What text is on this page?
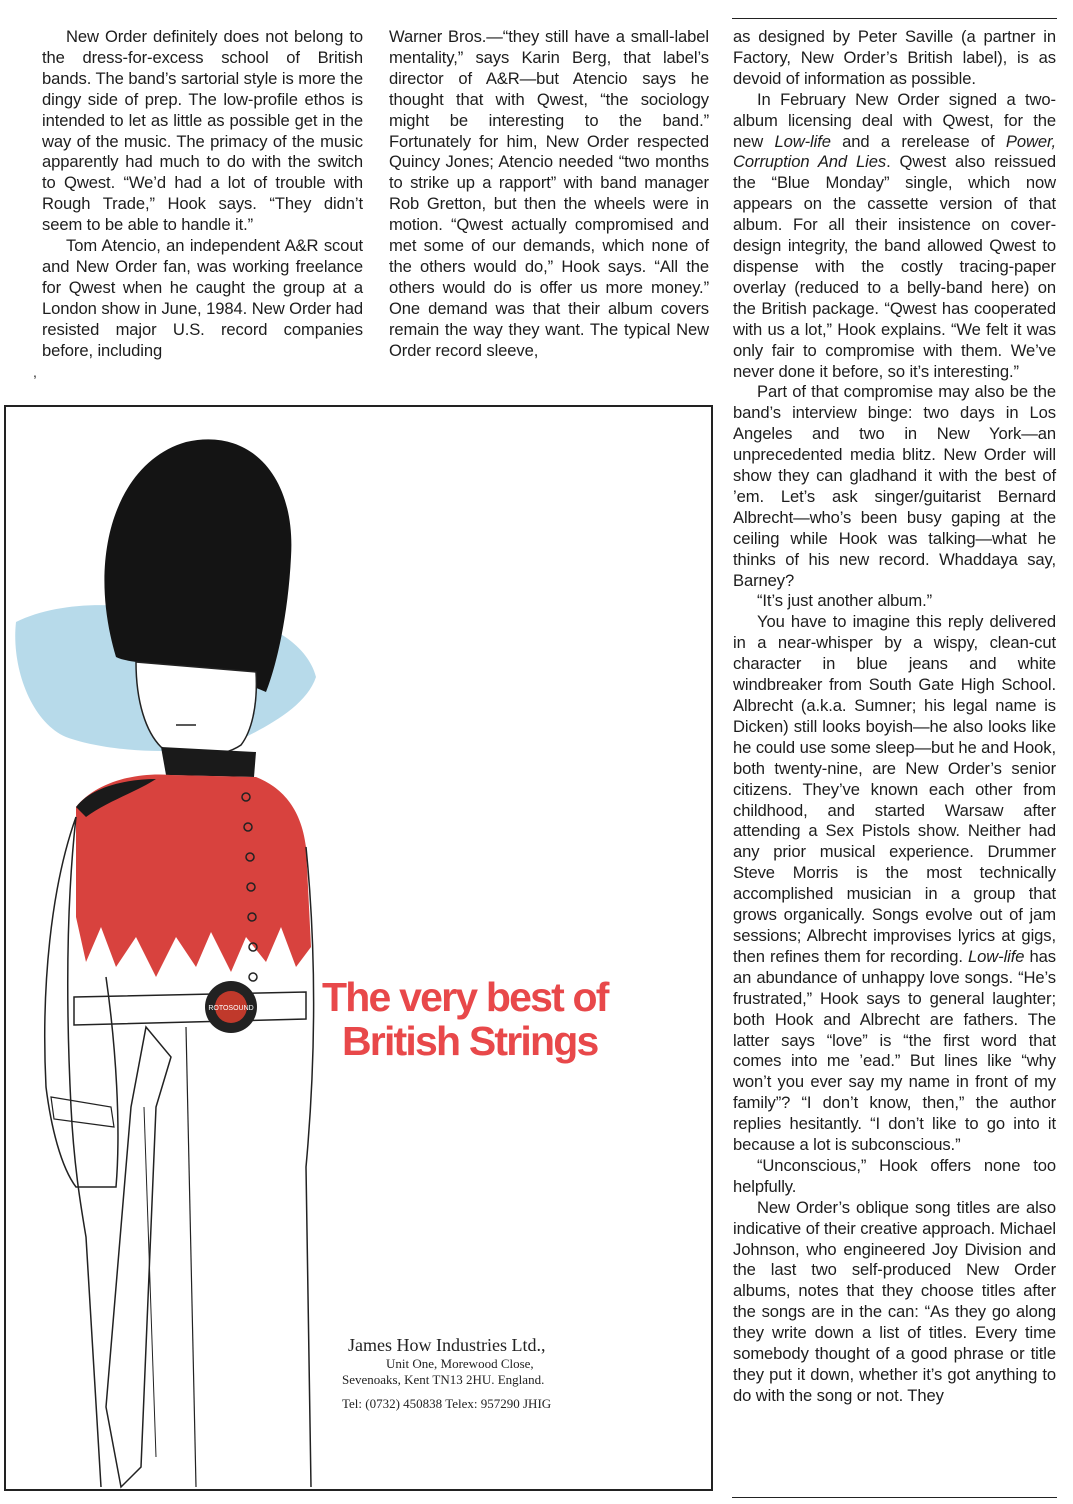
New Order definitely does not belong to the dress-for-excess school of British bands. The band’s sartorial style is more the dingy side of prep. The low-profile ethos is intended to let as little as possible get in the way of the music. The primacy of the music apparently had much to do with the switch to Qwest. “We’d had a lot of trouble with Rough Trade,” Hook says. “They didn’t seem to be able to handle it.”

Tom Atencio, an independent A&R scout and New Order fan, was working freelance for Qwest when he caught the group at a London show in June, 1984. New Order had resisted major U.S. record companies before, including

,

Warner Bros.—“they still have a small-label mentality,” says Karin Berg, that label’s director of A&R—but Atencio says he thought that with Qwest, “the sociology might be interesting to the band.” Fortunately for him, New Order respected Quincy Jones; Atencio needed “two months to strike up a rapport” with band manager Rob Gretton, but then the wheels were in motion. “Qwest actually compromised and met some of our demands, which none of the others would do,” Hook says. “All the others would do is offer us more money.” One demand was that their album covers remain the way they want. The typical New Order record sleeve,

as designed by Peter Saville (a partner in Factory, New Order’s British label), is as devoid of information as possible.

In February New Order signed a two-album licensing deal with Qwest, for the new Low-life and a rerelease of Power, Corruption And Lies. Qwest also reissued the “Blue Monday” single, which now appears on the cassette version of that album. For all their insistence on cover-design integrity, the band allowed Qwest to dispense with the costly tracing-paper overlay (reduced to a belly-band here) on the British package. “Qwest has cooperated with us a lot,” Hook explains. “We felt it was only fair to compromise with them. We’ve never done it before, so it’s interesting.”

Part of that compromise may also be the band’s interview binge: two days in Los Angeles and two in New York—an unprecedented media blitz. New Order will show they can gladhand it with the best of ’em. Let’s ask singer/guitarist Bernard Albrecht—who’s been busy gaping at the ceiling while Hook was talking—what he thinks of his new record. Whaddaya say, Barney?

“It’s just another album.”

You have to imagine this reply delivered in a near-whisper by a wispy, clean-cut character in blue jeans and white windbreaker from South Gate High School. Albrecht (a.k.a. Sumner; his legal name is Dicken) still looks boyish—he also looks like he could use some sleep—but he and Hook, both twenty-nine, are New Order’s senior citizens. They’ve known each other from childhood, and started Warsaw after attending a Sex Pistols show. Neither had any prior musical experience. Drummer Steve Morris is the most technically accomplished musician in a group that grows organically. Songs evolve out of jam sessions; Albrecht improvises lyrics at gigs, then refines them for recording. Low-life has an abundance of unhappy love songs. “He’s frustrated,” Hook says to general laughter; both Hook and Albrecht are fathers. The latter says “love” is “the first word that comes into me ’ead.” But lines like “why won’t you ever say my name in front of my family”? “I don’t know, then,” the author replies hesitantly. “I don’t like to go into it because a lot is subconscious.”

“Unconscious,” Hook offers none too helpfully.

New Order’s oblique song titles are also indicative of their creative approach. Michael Johnson, who engineered Joy Division and the last two self-produced New Order albums, notes that they choose titles after the songs are in the can: “As they go along they write down a list of titles. Every time somebody thought of a good phrase or title they put it down, whether it’s got anything to do with the song or not. They

ROTOSOUND The very best of
British Strings
James How Industries Ltd.,
Unit One, Morewood Close,
Sevenoaks, Kent TN13 2HU. England.
Tel: (0732) 450838 Telex: 957290 JHIG
